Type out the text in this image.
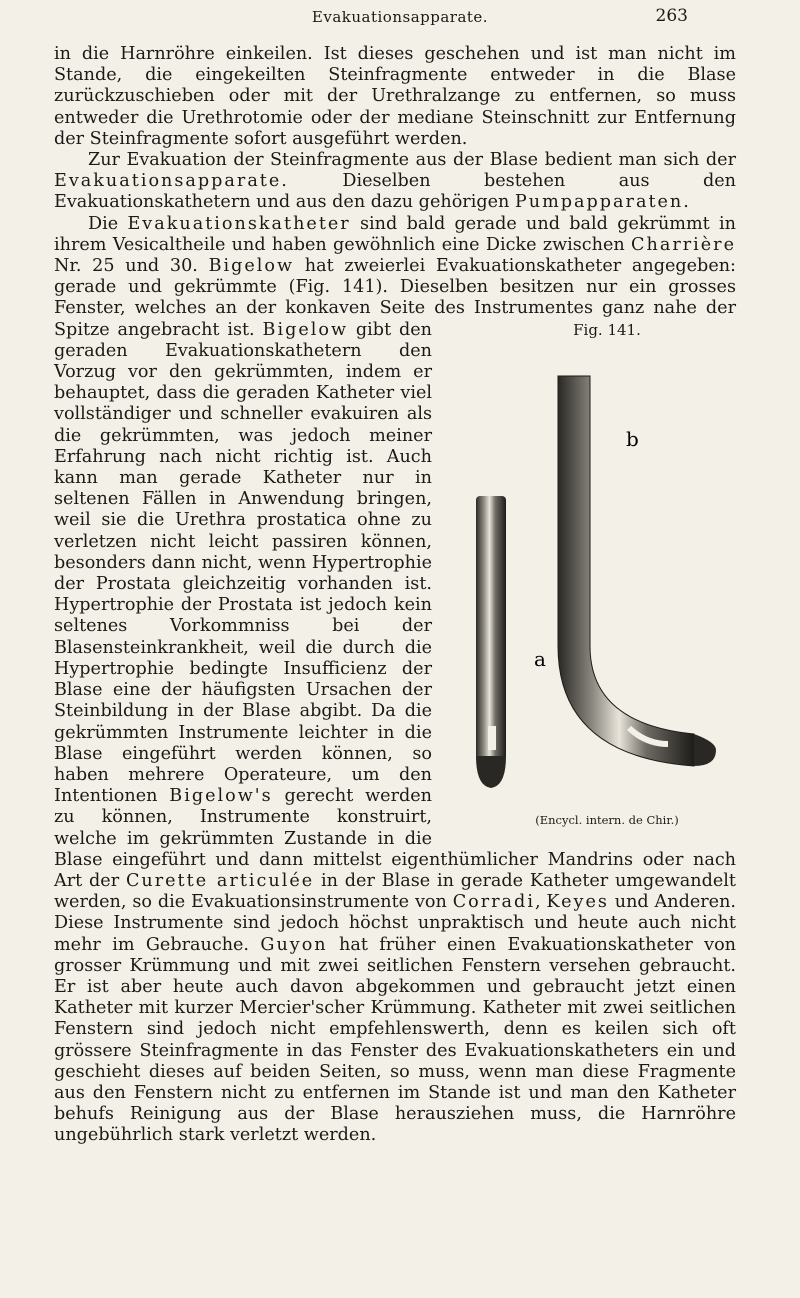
Evakuationsapparate.	263

in die Harnröhre einkeilen. Ist dieses geschehen und ist man nicht im Stande, die eingekeilten Steinfragmente entweder in die Blase zurückzuschieben oder mit der Urethralzange zu entfernen, so muss entweder die Urethrotomie oder der mediane Steinschnitt zur Entfernung der Steinfragmente sofort ausgeführt werden.

Zur Evakuation der Steinfragmente aus der Blase bedient man sich der Evakuationsapparate. Dieselben bestehen aus den Evakuationskathetern und aus den dazu gehörigen Pumpapparaten.

Die Evakuationskatheter sind bald gerade und bald gekrümmt in ihrem Vesicaltheile und haben gewöhnlich eine Dicke zwischen Charrière Nr. 25 und 30. Bigelow hat zweierlei Evakuationskatheter angegeben: gerade und gekrümmte (Fig. 141). Dieselben besitzen nur ein grosses Fenster, welches an der konkaven Seite des Instrumentes ganz nahe der Spitze angebracht ist. Bigelow	Fig. 141.
b
a
(Encycl. intern. de Chir.)
gibt den geraden Evakuationskathetern den Vorzug vor den gekrümmten, indem er behauptet, dass die geraden Katheter viel vollständiger und schneller evakuiren als die gekrümmten, was jedoch meiner Erfahrung nach nicht richtig ist. Auch kann man gerade Katheter nur in seltenen Fällen in Anwendung bringen, weil sie die Urethra prostatica ohne zu verletzen nicht leicht passiren können, besonders dann nicht, wenn Hypertrophie der Prostata gleichzeitig vorhanden ist. Hypertrophie der Prostata ist jedoch kein seltenes Vorkommniss bei der Blasensteinkrankheit, weil die durch die Hypertrophie bedingte Insufficienz der Blase eine der häufigsten Ursachen der Steinbildung in der Blase abgibt. Da die gekrümmten Instrumente leichter in die Blase eingeführt werden können, so haben mehrere Operateure, um den Intentionen Bigelow's gerecht werden zu können, Instrumente konstruirt, welche im gekrümmten Zustande in die Blase eingeführt und dann mittelst eigenthümlicher Mandrins oder nach Art der Curette articulée in der Blase in gerade Katheter umgewandelt werden, so die Evakuationsinstrumente von Corradi, Keyes und Anderen. Diese Instrumente sind jedoch höchst unpraktisch und heute auch nicht mehr im Gebrauche. Guyon hat früher einen Evakuationskatheter von grosser Krümmung und mit zwei seitlichen Fenstern versehen gebraucht. Er ist aber heute auch davon abgekommen und gebraucht jetzt einen Katheter mit kurzer Mercier'scher Krümmung. Katheter mit zwei seitlichen Fenstern sind jedoch nicht empfehlenswerth, denn es keilen sich oft grössere Steinfragmente in das Fenster des Evakuationskatheters ein und geschieht dieses auf beiden Seiten, so muss, wenn man diese Fragmente aus den Fenstern nicht zu entfernen im Stande ist und man den Katheter behufs Reinigung aus der Blase herausziehen muss, die Harnröhre ungebührlich stark verletzt werden.
